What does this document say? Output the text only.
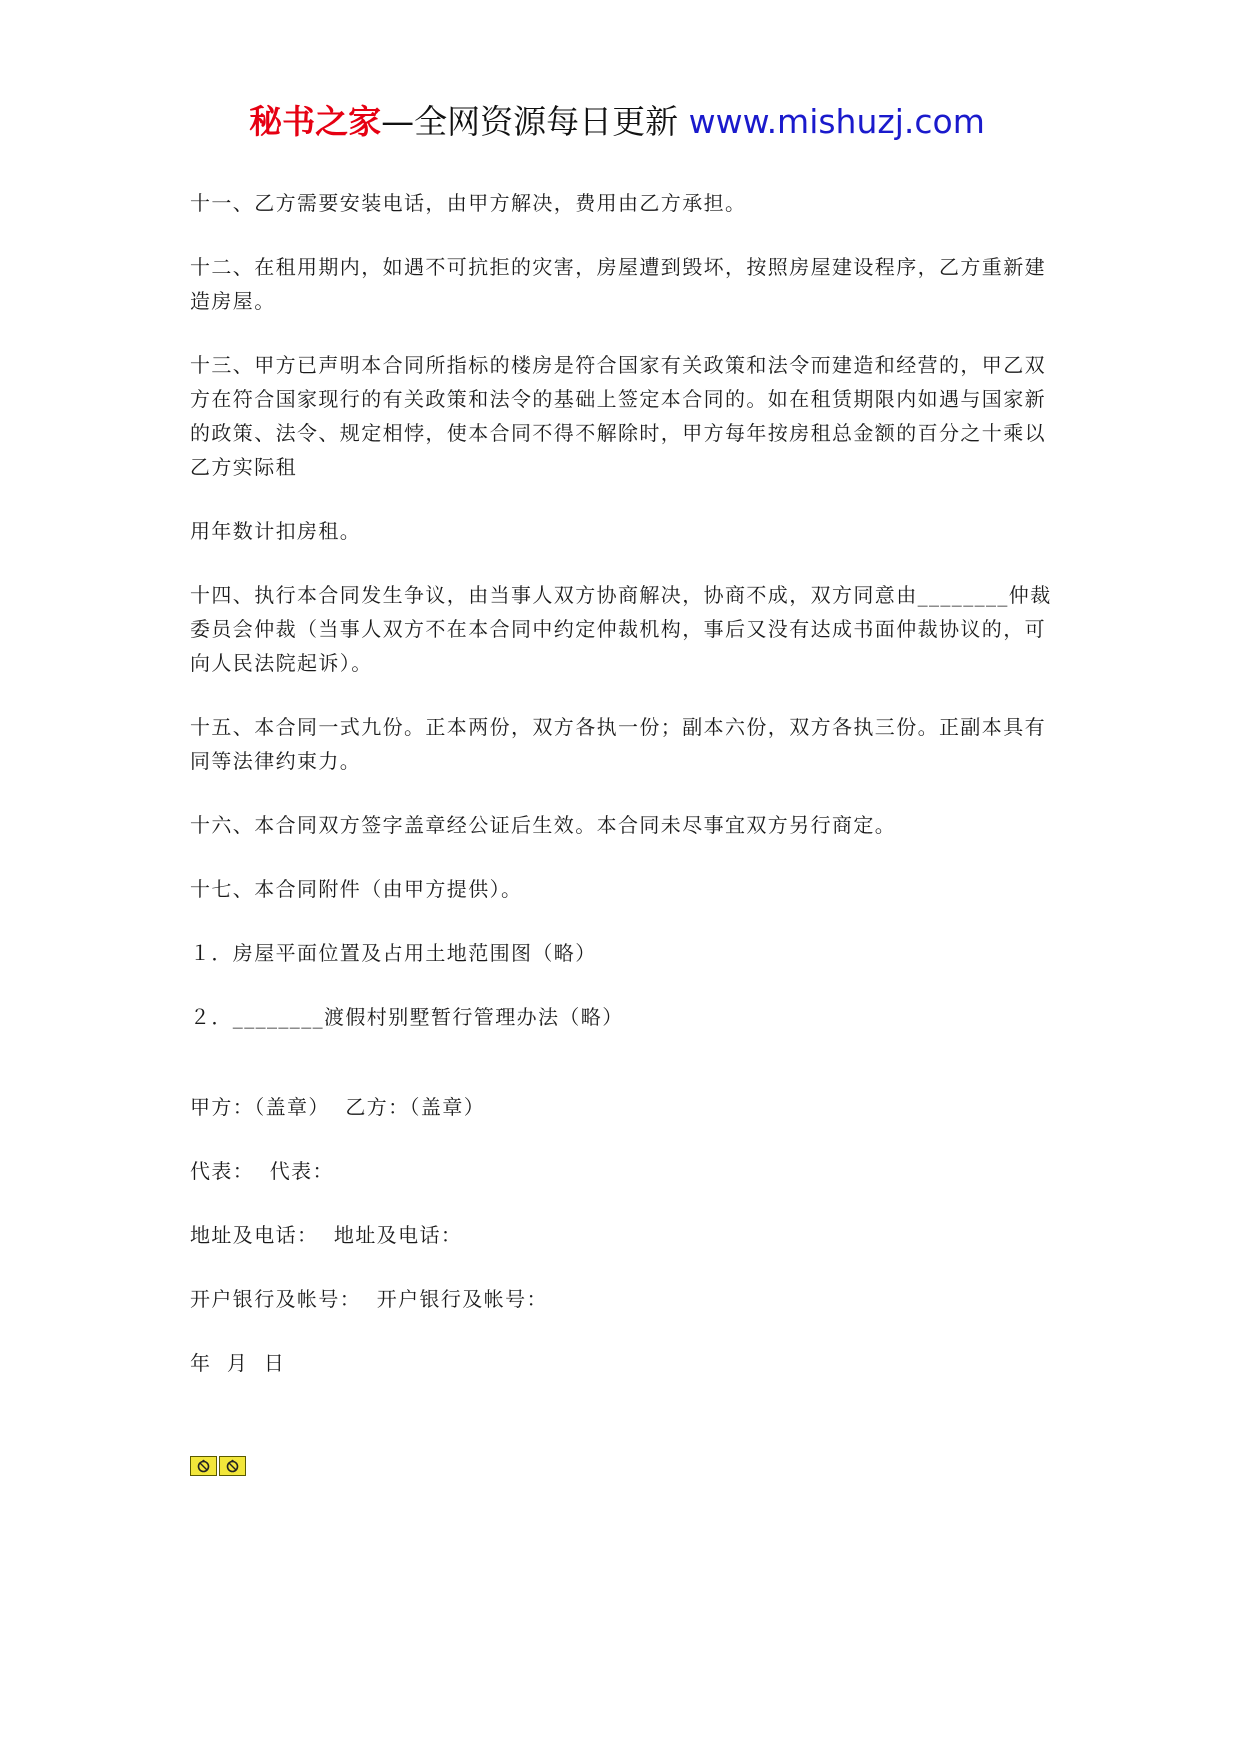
秘书之家—全网资源每日更新 www.mishuzj.com

十一、乙方需要安装电话，由甲方解决，费用由乙方承担。

十二、在租用期内，如遇不可抗拒的灾害，房屋遭到毁坏，按照房屋建设程序，乙方重新建造房屋。

十三、甲方已声明本合同所指标的楼房是符合国家有关政策和法令而建造和经营的，甲乙双方在符合国家现行的有关政策和法令的基础上签定本合同的。如在租赁期限内如遇与国家新的政策、法令、规定相悖，使本合同不得不解除时，甲方每年按房租总金额的百分之十乘以乙方实际租

用年数计扣房租。

十四、执行本合同发生争议，由当事人双方协商解决，协商不成，双方同意由________仲裁委员会仲裁（当事人双方不在本合同中约定仲裁机构，事后又没有达成书面仲裁协议的，可向人民法院起诉）。

十五、本合同一式九份。正本两份，双方各执一份；副本六份，双方各执三份。正副本具有同等法律约束力。

十六、本合同双方签字盖章经公证后生效。本合同未尽事宜双方另行商定。

十七、本合同附件（由甲方提供）。

１．房屋平面位置及占用土地范围图（略）

２．________渡假村别墅暂行管理办法（略）

甲方：（盖章）  乙方：（盖章）

代表：  代表：

地址及电话：  地址及电话：

开户银行及帐号：  开户银行及帐号：

年  月  日
